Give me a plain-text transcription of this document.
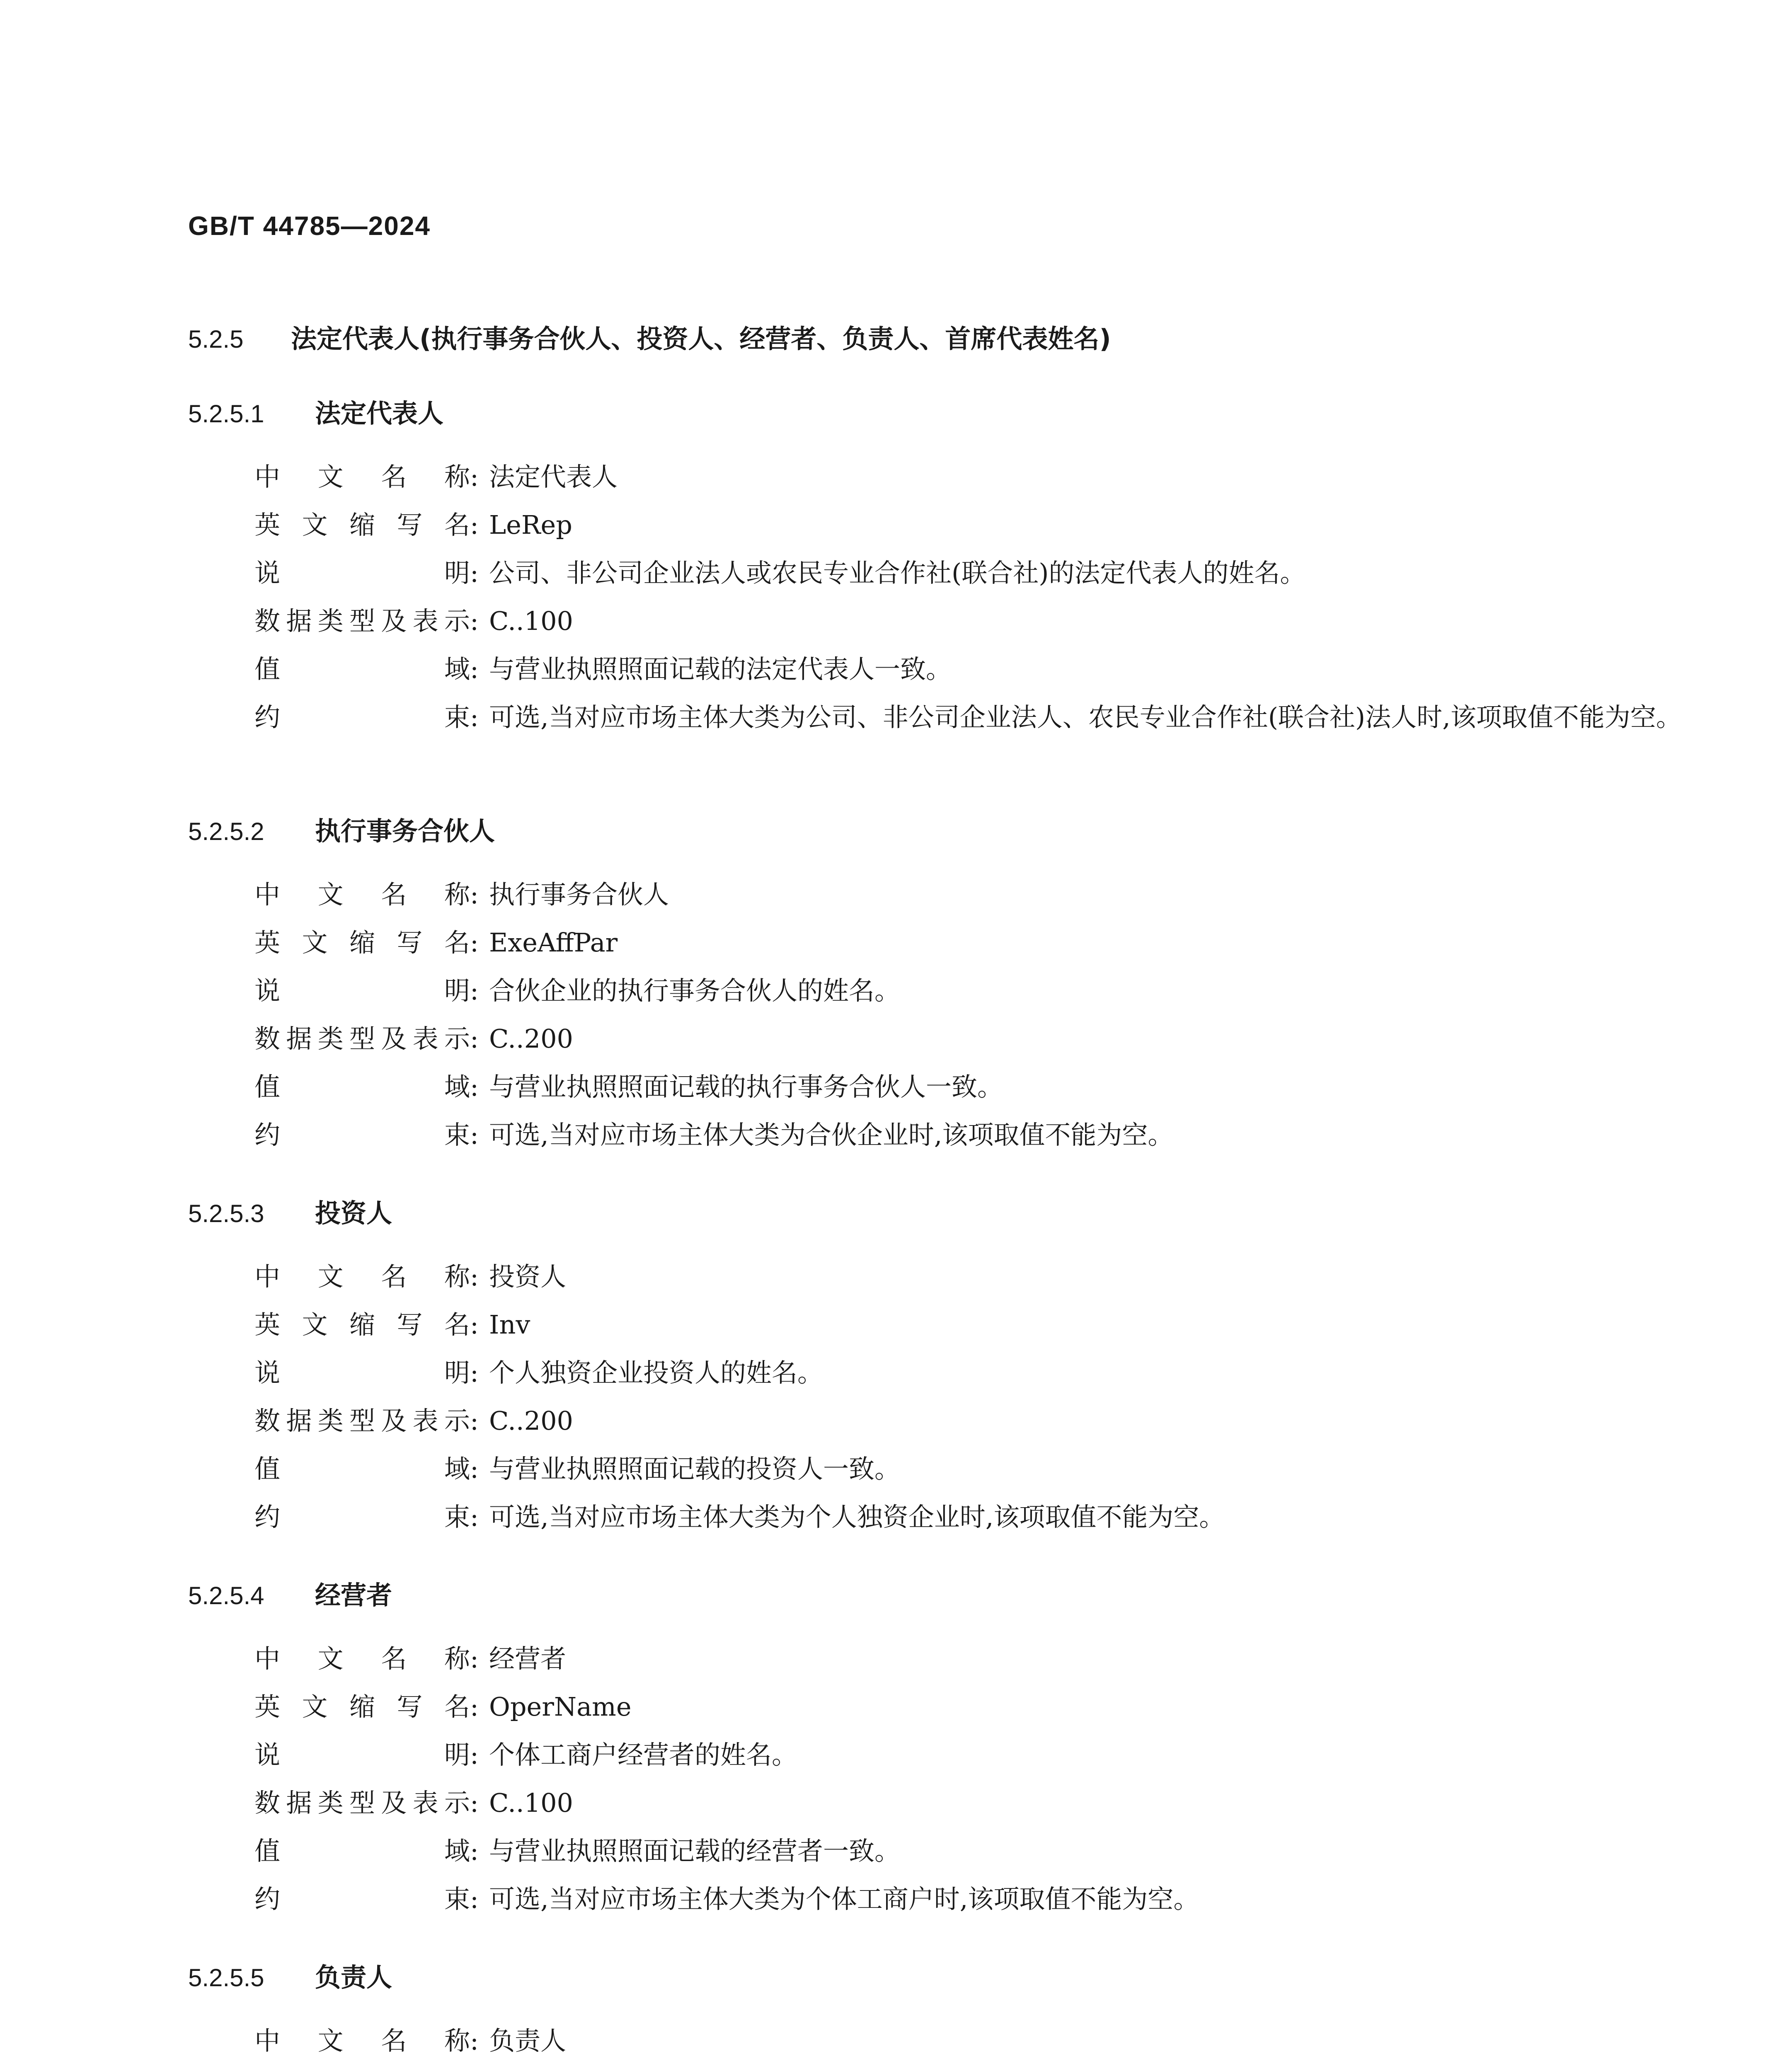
GB/T 44785—2024
5.2.5 法定代表人(执行事务合伙人、投资人、经营者、负责人、首席代表姓名)
5.2.5.1 法定代表人
中 文 名 称 : 法定代表人
英 文 缩 写 名 : LeRep
说	明 : 公司、非公司企业法人或农民专业合作社(联合社)的法定代表人的姓名。
数 据 类 型 及 表 示 : C..100
值	域 : 与营业执照照面记载的法定代表人一致。
约	束 : 可选,当对应市场主体大类为公司、非公司企业法人、农民专业合作社(联合社)法人时,该项取值不能为空。
5.2.5.2 执行事务合伙人
中 文 名 称 : 执行事务合伙人
英 文 缩 写 名 : ExeAffPar
说	明 : 合伙企业的执行事务合伙人的姓名。
数 据 类 型 及 表 示 : C..200
值	域 : 与营业执照照面记载的执行事务合伙人一致。
约	束 : 可选,当对应市场主体大类为合伙企业时,该项取值不能为空。
5.2.5.3 投资人
中 文 名 称 : 投资人
英 文 缩 写 名 : Inv
说	明 : 个人独资企业投资人的姓名。
数 据 类 型 及 表 示 : C..200
值	域 : 与营业执照照面记载的投资人一致。
约	束 : 可选,当对应市场主体大类为个人独资企业时,该项取值不能为空。
5.2.5.4 经营者
中 文 名 称 : 经营者
英 文 缩 写 名 : OperName
说	明 : 个体工商户经营者的姓名。
数 据 类 型 及 表 示 : C..100
值	域 : 与营业执照照面记载的经营者一致。
约	束 : 可选,当对应市场主体大类为个体工商户时,该项取值不能为空。
5.2.5.5 负责人
中 文 名 称 : 负责人
